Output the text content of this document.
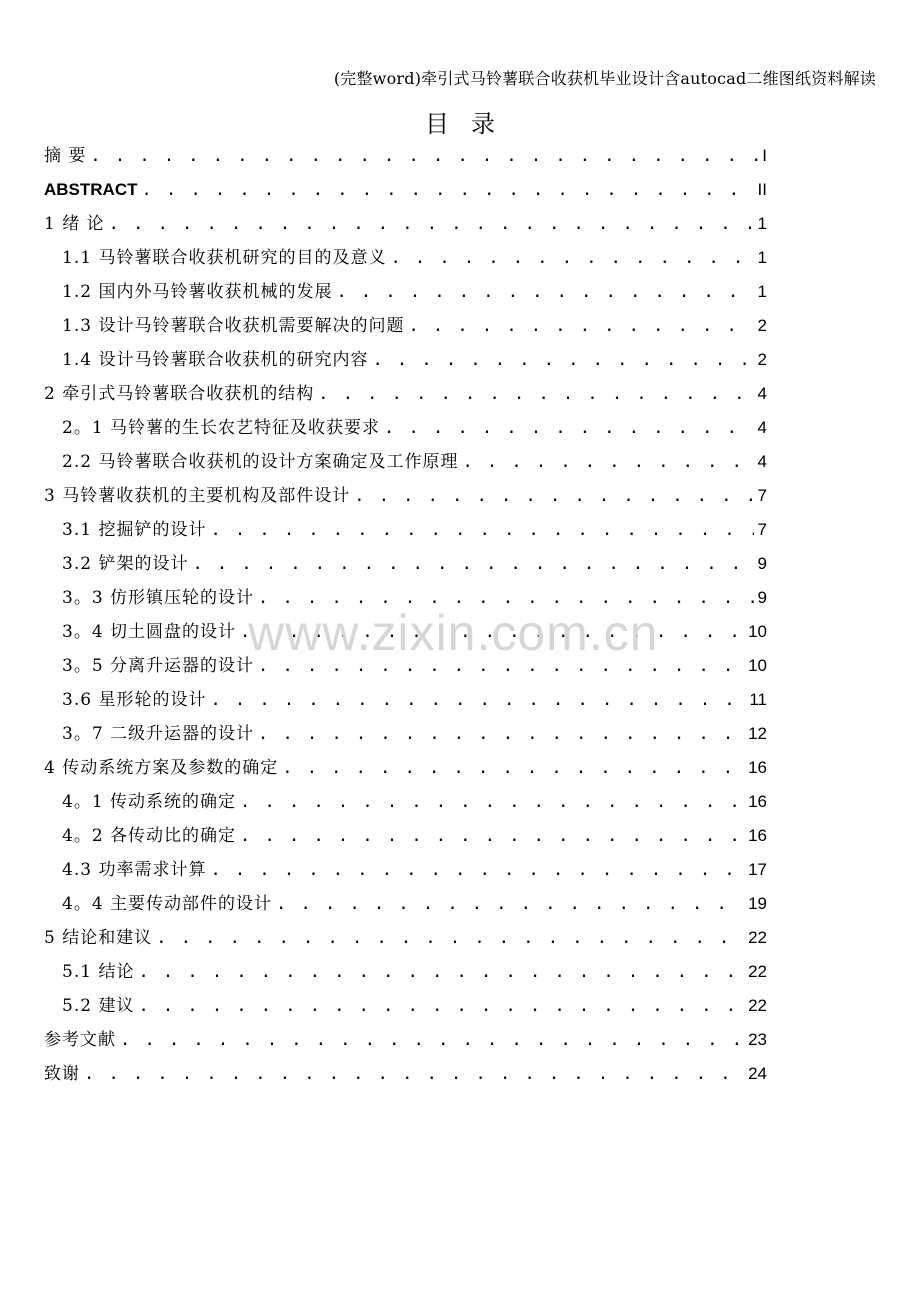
(完整word)牵引式马铃薯联合收获机毕业设计含autocad二维图纸资料解读
目录
摘 要 . . .	I
ABSTRACT . . .	II
1 绪 论 . . .	1
1.1 马铃薯联合收获机研究的目的及意义 . . .	1
1.2 国内外马铃薯收获机械的发展 . . .	1
1.3 设计马铃薯联合收获机需要解决的问题 . . .	2
1.4 设计马铃薯联合收获机的研究内容 . . .	2
2 牵引式马铃薯联合收获机的结构 . . .	4
2。1 马铃薯的生长农艺特征及收获要求 . . .	4
2.2 马铃薯联合收获机的设计方案确定及工作原理 . . .	4
3 马铃薯收获机的主要机构及部件设计 . . .	7
3.1 挖掘铲的设计 . . .	7
3.2 铲架的设计 . . .	9
3。3 仿形镇压轮的设计 . . .	9
3。4 切土圆盘的设计 . . .	10
3。5 分离升运器的设计 . . .	10
3.6 星形轮的设计 . . .	11
3。7 二级升运器的设计 . . .	12
4 传动系统方案及参数的确定 . . .	16
4。1 传动系统的确定 . . .	16
4。2 各传动比的确定 . . .	16
4.3 功率需求计算 . . .	17
4。4 主要传动部件的设计 . . .	19
5 结论和建议 . . .	22
5.1 结论 . . .	22
5.2 建议 . . .	22
参考文献 . . .	23
致谢 . . .	24
www.zixin.com.cn
